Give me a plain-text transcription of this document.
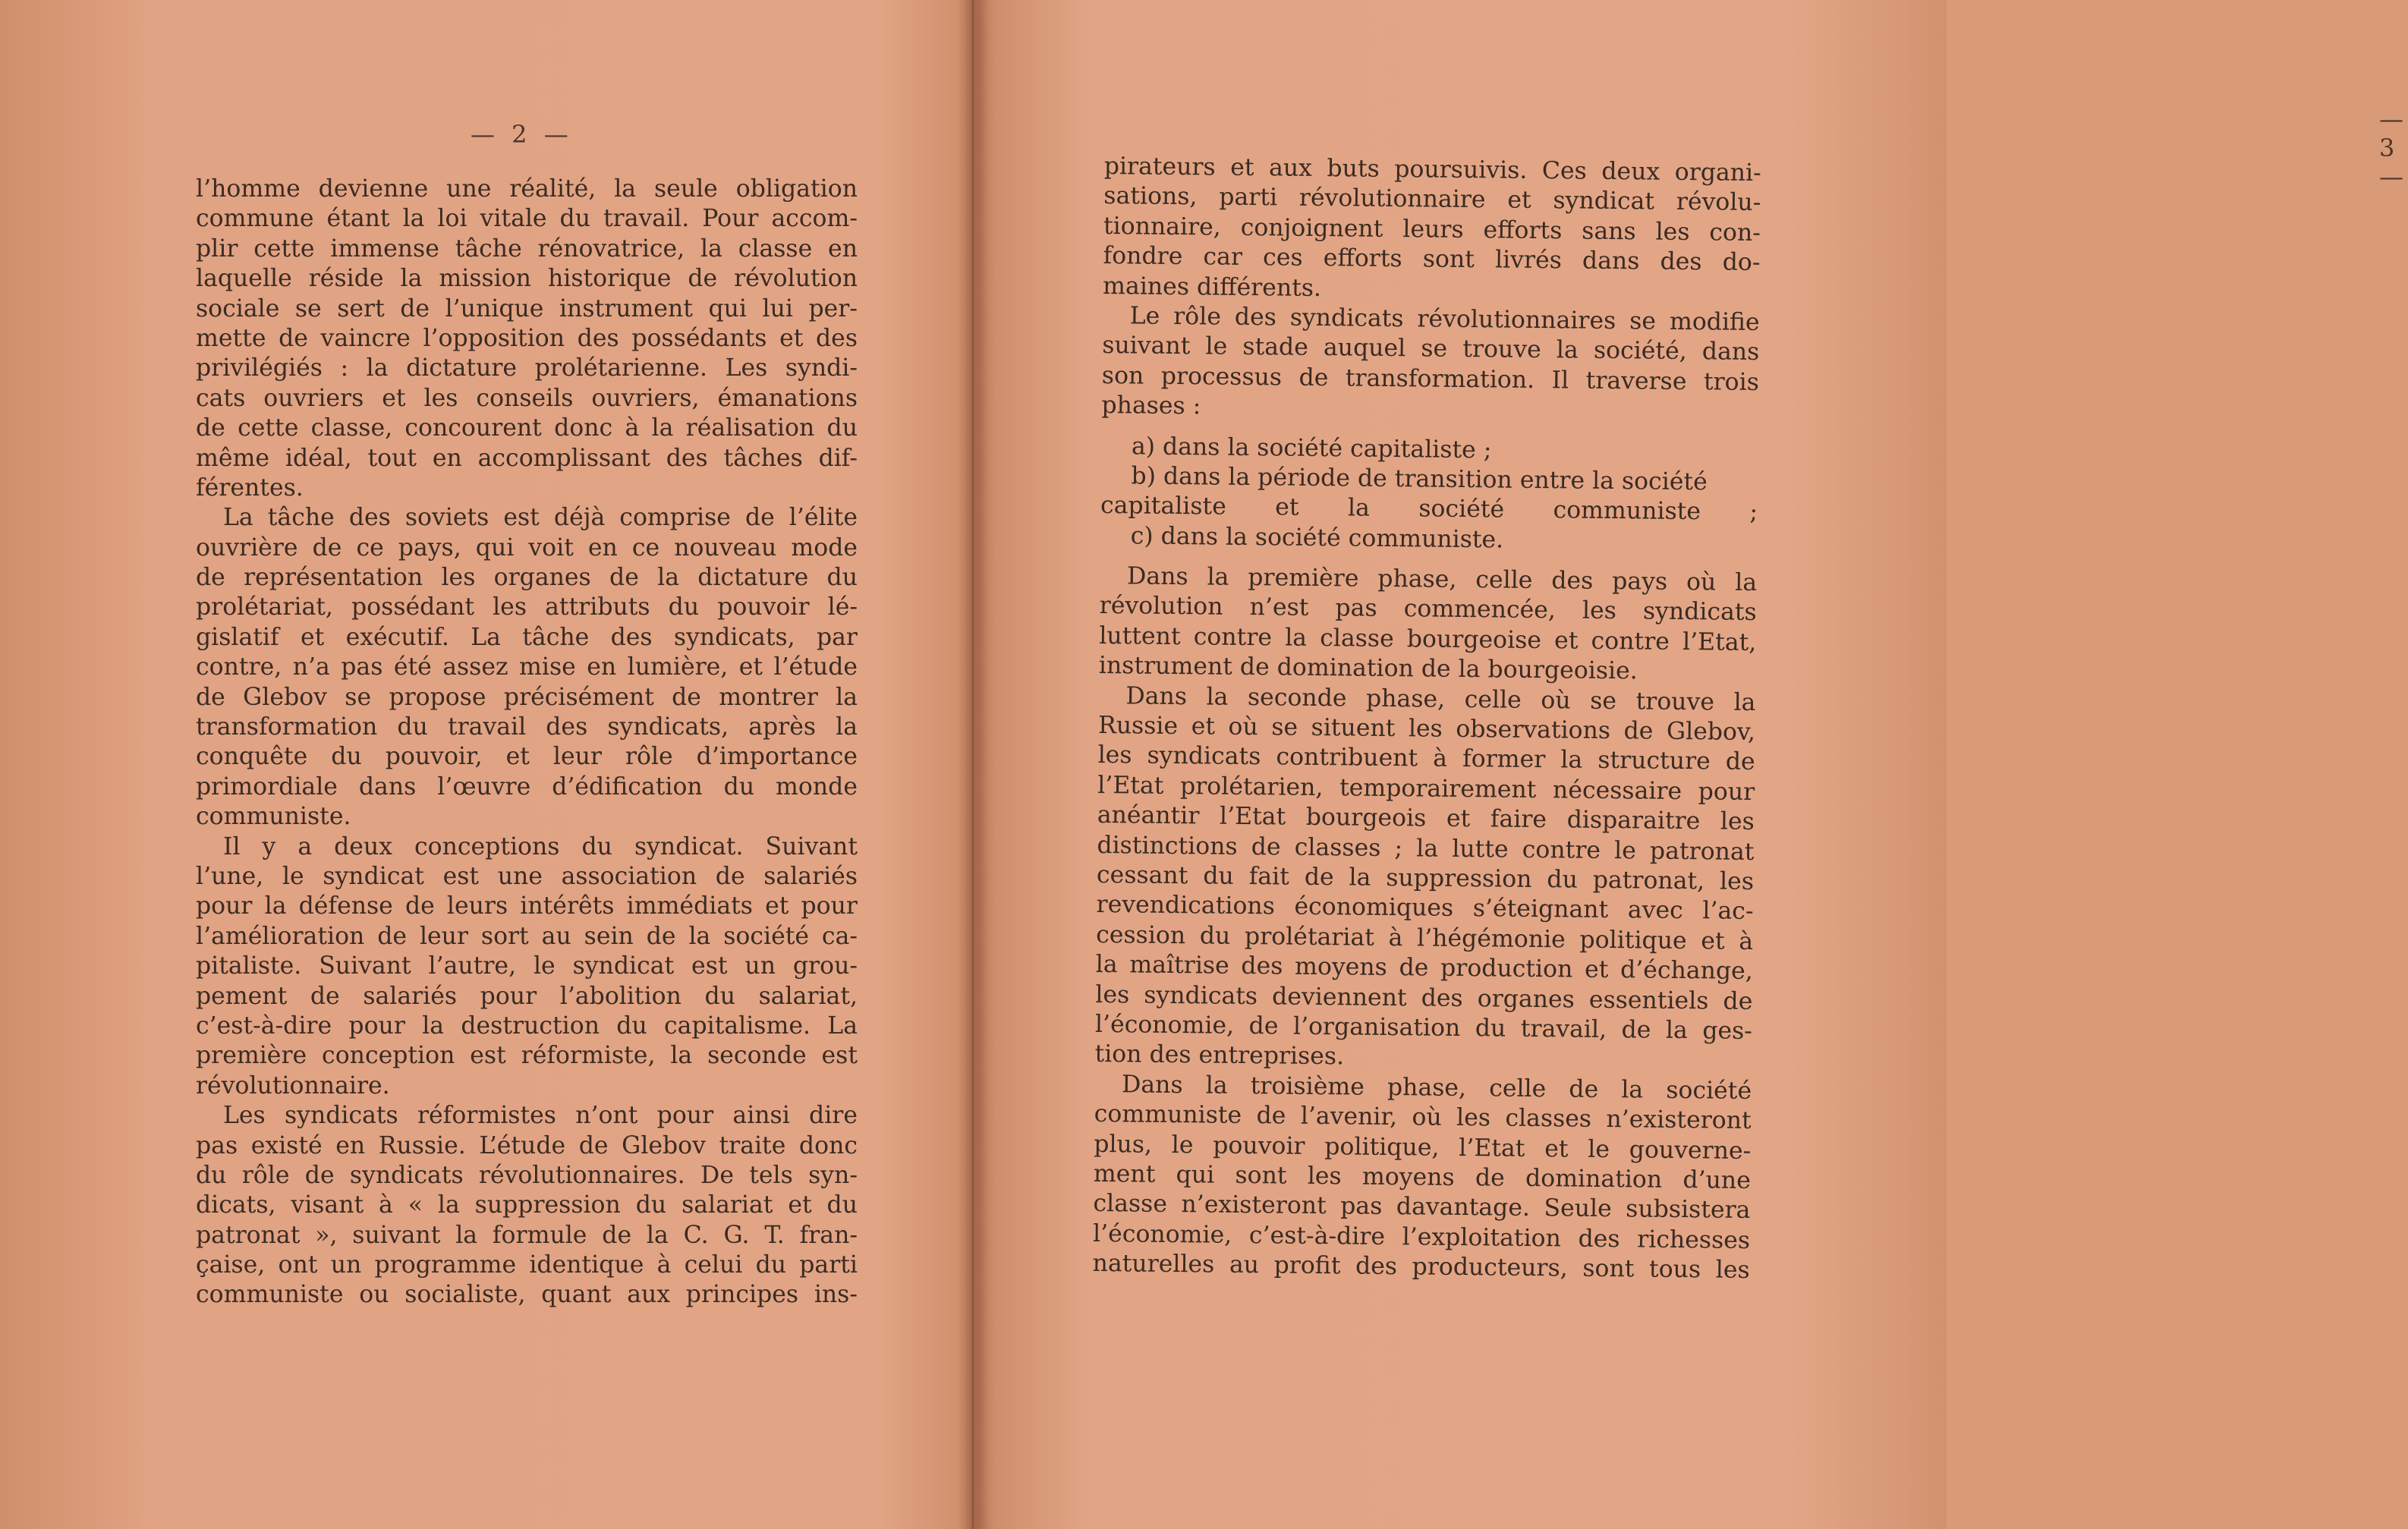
— 2 —
l’homme devienne une réalité, la seule obligation
commune étant la loi vitale du travail. Pour accom-
plir cette immense tâche rénovatrice, la classe en
laquelle réside la mission historique de révolution
sociale se sert de l’unique instrument qui lui per-
mette de vaincre l’opposition des possédants et des
privilégiés : la dictature prolétarienne. Les syndi-
cats ouvriers et les conseils ouvriers, émanations
de cette classe, concourent donc à la réalisation du
même idéal, tout en accomplissant des tâches dif-
férentes.
La tâche des soviets est déjà comprise de l’élite
ouvrière de ce pays, qui voit en ce nouveau mode
de représentation les organes de la dictature du
prolétariat, possédant les attributs du pouvoir lé-
gislatif et exécutif. La tâche des syndicats, par
contre, n’a pas été assez mise en lumière, et l’étude
de Glebov se propose précisément de montrer la
transformation du travail des syndicats, après la
conquête du pouvoir, et leur rôle d’importance
primordiale dans l’œuvre d’édification du monde
communiste.
Il y a deux conceptions du syndicat. Suivant
l’une, le syndicat est une association de salariés
pour la défense de leurs intérêts immédiats et pour
l’amélioration de leur sort au sein de la société ca-
pitaliste. Suivant l’autre, le syndicat est un grou-
pement de salariés pour l’abolition du salariat,
c’est-à-dire pour la destruction du capitalisme. La
première conception est réformiste, la seconde est
révolutionnaire.
Les syndicats réformistes n’ont pour ainsi dire
pas existé en Russie. L’étude de Glebov traite donc
du rôle de syndicats révolutionnaires. De tels syn-
dicats, visant à « la suppression du salariat et du
patronat », suivant la formule de la C. G. T. fran-
çaise, ont un programme identique à celui du parti
communiste ou socialiste, quant aux principes ins-
— 3 —
pirateurs et aux buts poursuivis. Ces deux organi-
sations, parti révolutionnaire et syndicat révolu-
tionnaire, conjoignent leurs efforts sans les con-
fondre car ces efforts sont livrés dans des do-
maines différents.
Le rôle des syndicats révolutionnaires se modifie
suivant le stade auquel se trouve la société, dans
son processus de transformation. Il traverse trois
phases :
a) dans la société capitaliste ;
b) dans la période de transition entre la société
capitaliste et la société communiste ;
c) dans la société communiste.
Dans la première phase, celle des pays où la
révolution n’est pas commencée, les syndicats
luttent contre la classe bourgeoise et contre l’Etat,
instrument de domination de la bourgeoisie.
Dans la seconde phase, celle où se trouve la
Russie et où se situent les observations de Glebov,
les syndicats contribuent à former la structure de
l’Etat prolétarien, temporairement nécessaire pour
anéantir l’Etat bourgeois et faire disparaitre les
distinctions de classes ; la lutte contre le patronat
cessant du fait de la suppression du patronat, les
revendications économiques s’éteignant avec l’ac-
cession du prolétariat à l’hégémonie politique et à
la maîtrise des moyens de production et d’échange,
les syndicats deviennent des organes essentiels de
l’économie, de l’organisation du travail, de la ges-
tion des entreprises.
Dans la troisième phase, celle de la société
communiste de l’avenir, où les classes n’existeront
plus, le pouvoir politique, l’Etat et le gouverne-
ment qui sont les moyens de domination d’une
classe n’existeront pas davantage. Seule subsistera
l’économie, c’est-à-dire l’exploitation des richesses
naturelles au profit des producteurs, sont tous les
